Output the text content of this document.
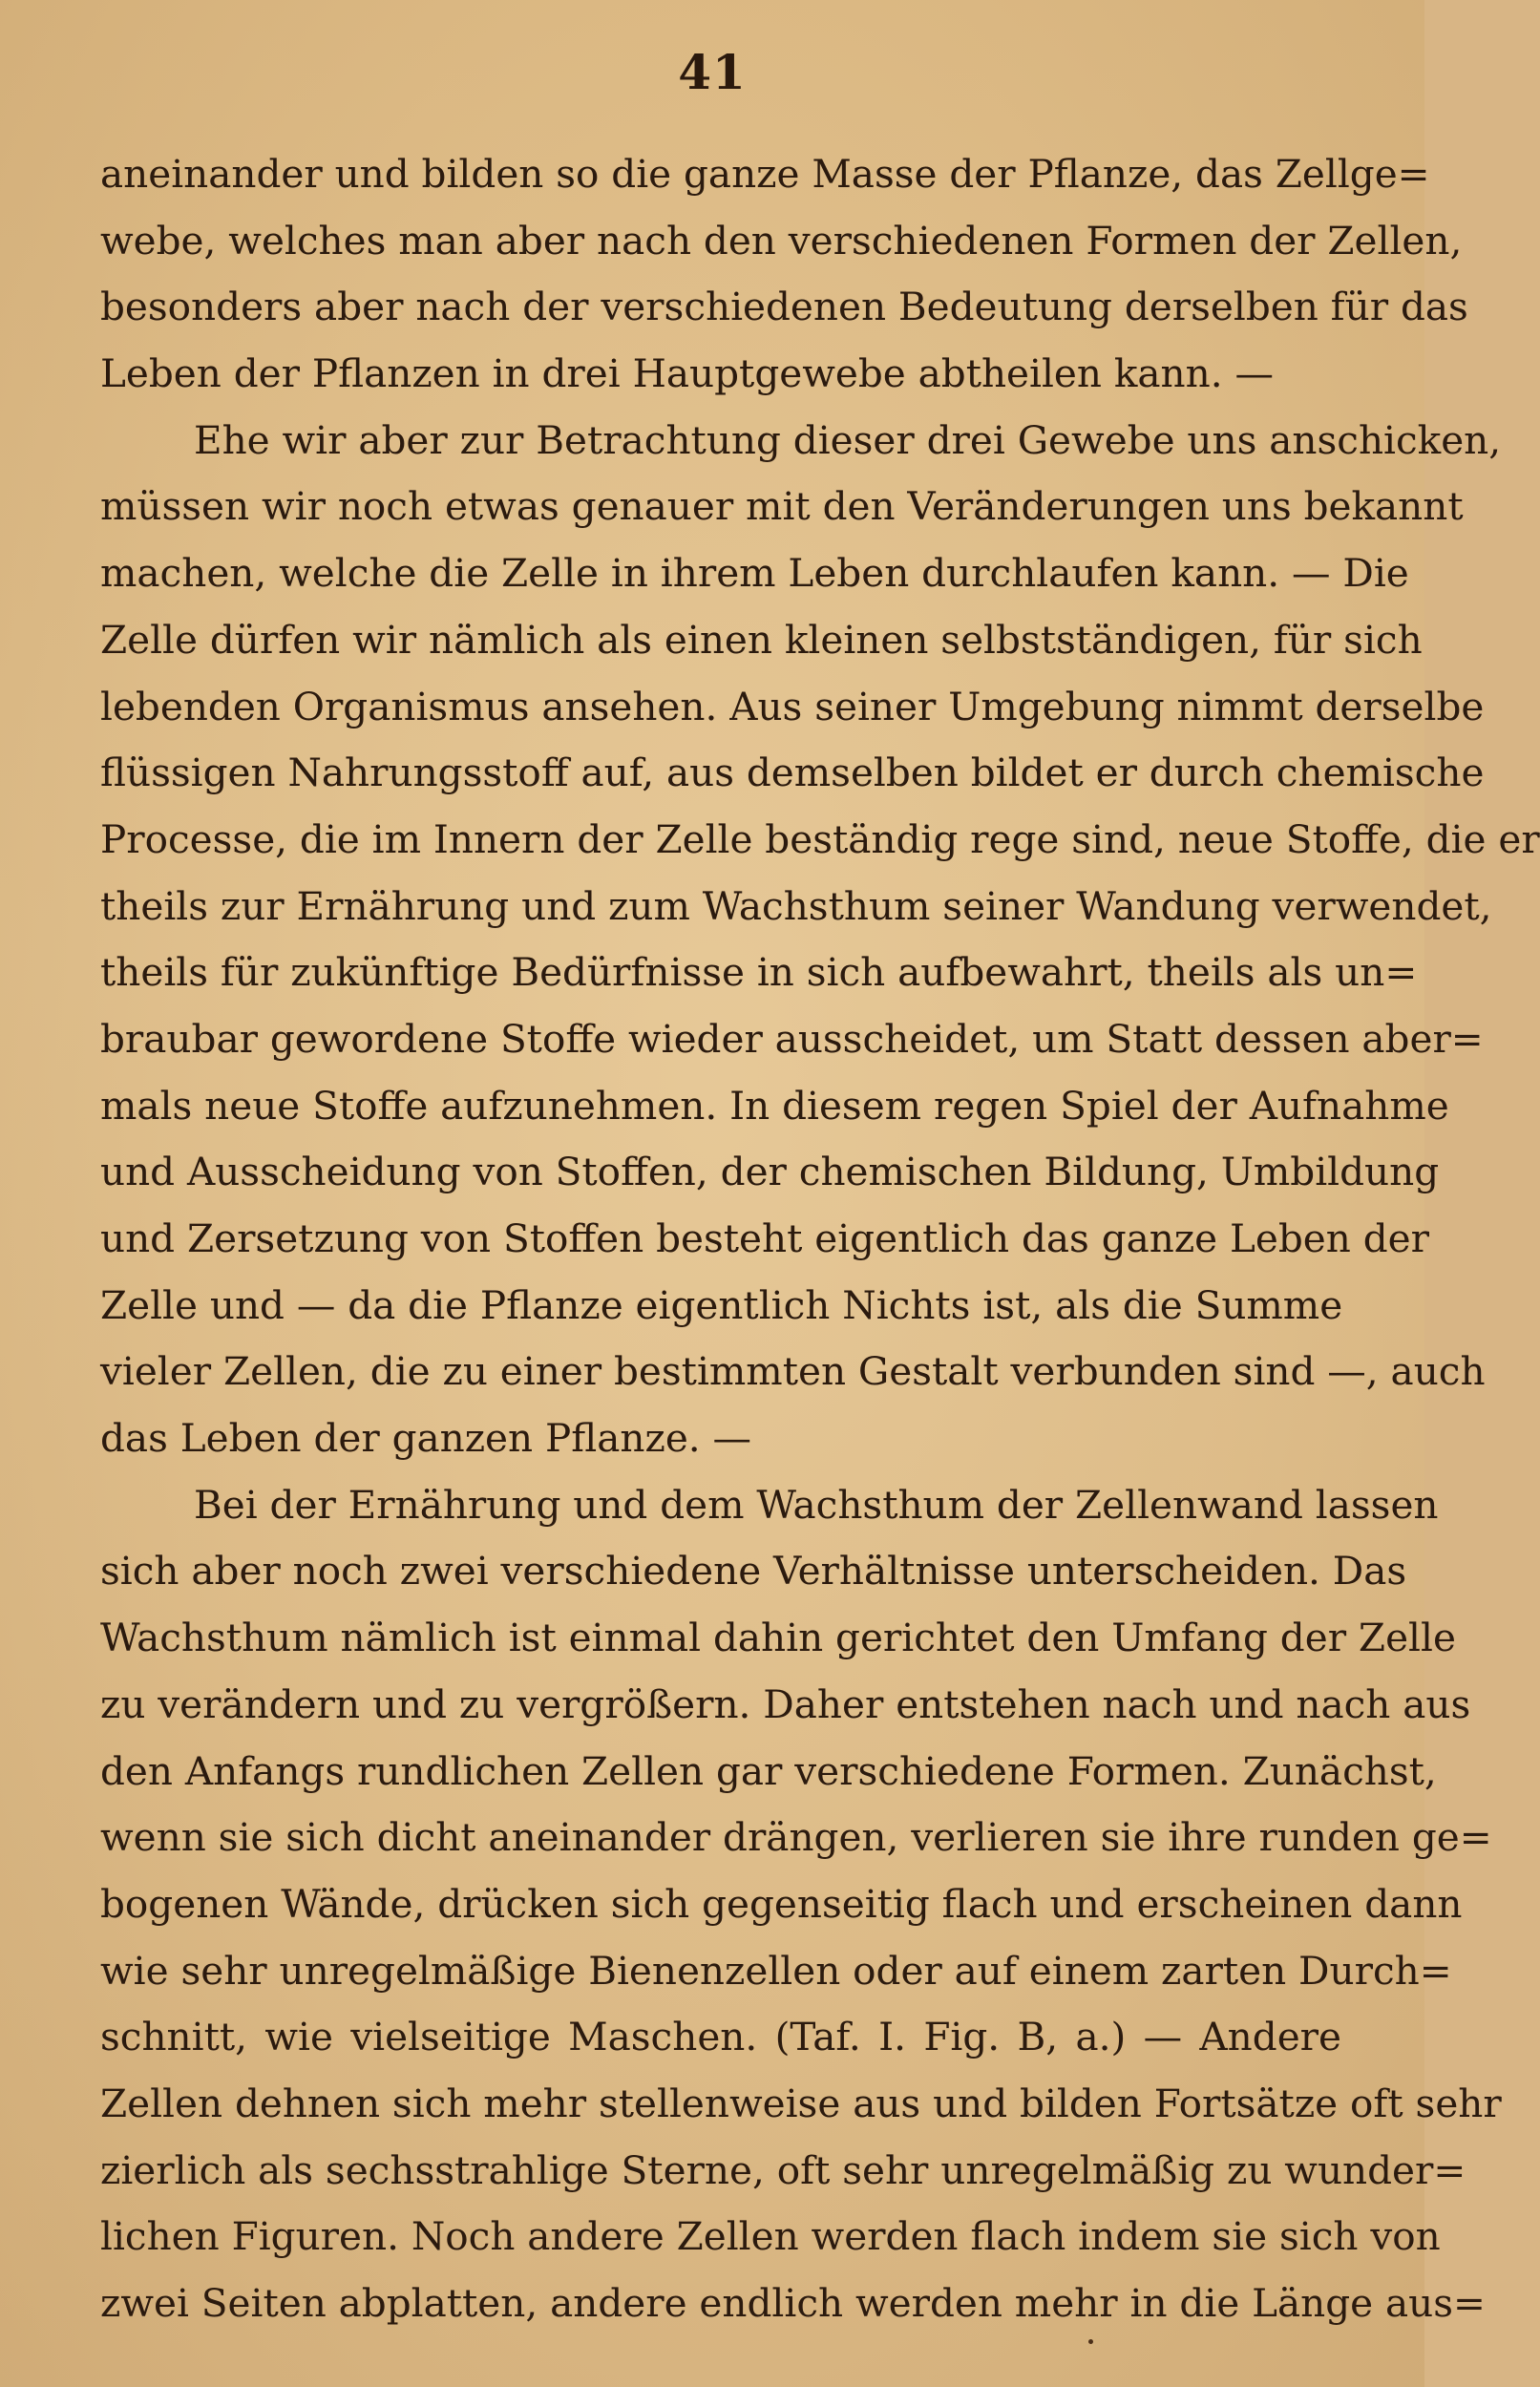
41
aneinander und bilden so die ganze Masse der Pflanze, das Zellge=
webe, welches man aber nach den verschiedenen Formen der Zellen,
besonders aber nach der verschiedenen Bedeutung derselben für das
Leben der Pflanzen in drei Hauptgewebe abtheilen kann. —
Ehe wir aber zur Betrachtung dieser drei Gewebe uns anschicken,
müssen wir noch etwas genauer mit den Veränderungen uns bekannt
machen, welche die Zelle in ihrem Leben durchlaufen kann. — Die
Zelle dürfen wir nämlich als einen kleinen selbstständigen, für sich
lebenden Organismus ansehen. Aus seiner Umgebung nimmt derselbe
flüssigen Nahrungsstoff auf, aus demselben bildet er durch chemische
Processe, die im Innern der Zelle beständig rege sind, neue Stoffe, die er
theils zur Ernährung und zum Wachsthum seiner Wandung verwendet,
theils für zukünftige Bedürfnisse in sich aufbewahrt, theils als un=
braubar gewordene Stoffe wieder ausscheidet, um Statt dessen aber=
mals neue Stoffe aufzunehmen. In diesem regen Spiel der Aufnahme
und Ausscheidung von Stoffen, der chemischen Bildung, Umbildung
und Zersetzung von Stoffen besteht eigentlich das ganze Leben der
Zelle und — da die Pflanze eigentlich Nichts ist, als die Summe
vieler Zellen, die zu einer bestimmten Gestalt verbunden sind —, auch
das Leben der ganzen Pflanze. —
Bei der Ernährung und dem Wachsthum der Zellenwand lassen
sich aber noch zwei verschiedene Verhältnisse unterscheiden. Das
Wachsthum nämlich ist einmal dahin gerichtet den Umfang der Zelle
zu verändern und zu vergrößern. Daher entstehen nach und nach aus
den Anfangs rundlichen Zellen gar verschiedene Formen. Zunächst,
wenn sie sich dicht aneinander drängen, verlieren sie ihre runden ge=
bogenen Wände, drücken sich gegenseitig flach und erscheinen dann
wie sehr unregelmäßige Bienenzellen oder auf einem zarten Durch=
schnitt, wie vielseitige Maschen. (Taf. I. Fig. B, a.) — Andere
Zellen dehnen sich mehr stellenweise aus und bilden Fortsätze oft sehr
zierlich als sechsstrahlige Sterne, oft sehr unregelmäßig zu wunder=
lichen Figuren. Noch andere Zellen werden flach indem sie sich von
zwei Seiten abplatten, andere endlich werden mehr in die Länge aus=
